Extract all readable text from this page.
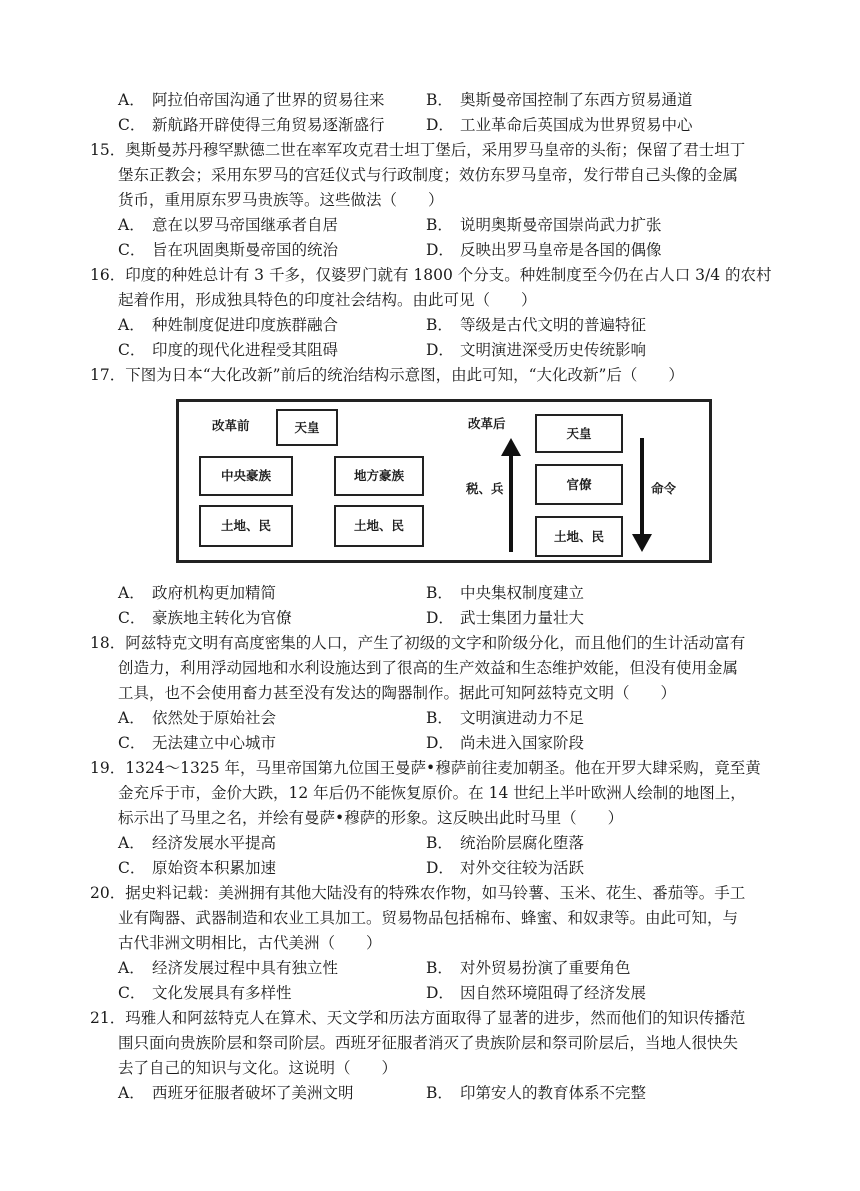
A． 阿拉伯帝国沟通了世界的贸易往来	B． 奥斯曼帝国控制了东西方贸易通道
C． 新航路开辟使得三角贸易逐渐盛行	D． 工业革命后英国成为世界贸易中心
15．奥斯曼苏丹穆罕默德二世在率军攻克君士坦丁堡后，采用罗马皇帝的头衔；保留了君士坦丁
堡东正教会；采用东罗马的宫廷仪式与行政制度；效仿东罗马皇帝，发行带自己头像的金属
货币，重用原东罗马贵族等。这些做法（　　）
A． 意在以罗马帝国继承者自居	B． 说明奥斯曼帝国崇尚武力扩张
C． 旨在巩固奥斯曼帝国的统治	D． 反映出罗马皇帝是各国的偶像
16．印度的种姓总计有 3 千多，仅婆罗门就有 1800 个分支。种姓制度至今仍在占人口 3/4 的农村
起着作用，形成独具特色的印度社会结构。由此可见（　　）
A． 种姓制度促进印度族群融合	B． 等级是古代文明的普遍特征
C． 印度的现代化进程受其阻碍	D． 文明演进深受历史传统影响
17．下图为日本“大化改新”前后的统治结构示意图，由此可知，“大化改新”后（　　）
改革前	天皇
中央豪族	地方豪族
土地、民	土地、民
改革后
税、兵
天皇
官僚
土地、民
命令
A． 政府机构更加精简	B． 中央集权制度建立
C． 豪族地主转化为官僚	D． 武士集团力量壮大
18．阿兹特克文明有高度密集的人口，产生了初级的文字和阶级分化，而且他们的生计活动富有
创造力，利用浮动园地和水利设施达到了很高的生产效益和生态维护效能，但没有使用金属
工具，也不会使用畜力甚至没有发达的陶器制作。据此可知阿兹特克文明（　　）
A． 依然处于原始社会	B． 文明演进动力不足
C． 无法建立中心城市	D． 尚未进入国家阶段
19．1324～1325 年，马里帝国第九位国王曼萨•穆萨前往麦加朝圣。他在开罗大肆采购，竟至黄
金充斥于市，金价大跌，12 年后仍不能恢复原价。在 14 世纪上半叶欧洲人绘制的地图上，
标示出了马里之名，并绘有曼萨•穆萨的形象。这反映出此时马里（　　）
A． 经济发展水平提高	B． 统治阶层腐化堕落
C． 原始资本积累加速	D． 对外交往较为活跃
20．据史料记载：美洲拥有其他大陆没有的特殊农作物，如马铃薯、玉米、花生、番茄等。手工
业有陶器、武器制造和农业工具加工。贸易物品包括棉布、蜂蜜、和奴隶等。由此可知，与
古代非洲文明相比，古代美洲（　　）
A． 经济发展过程中具有独立性	B． 对外贸易扮演了重要角色
C． 文化发展具有多样性	D． 因自然环境阻碍了经济发展
21．玛雅人和阿兹特克人在算术、天文学和历法方面取得了显著的进步，然而他们的知识传播范
围只面向贵族阶层和祭司阶层。西班牙征服者消灭了贵族阶层和祭司阶层后，当地人很快失
去了自己的知识与文化。这说明（　　）
A． 西班牙征服者破坏了美洲文明	B． 印第安人的教育体系不完整
